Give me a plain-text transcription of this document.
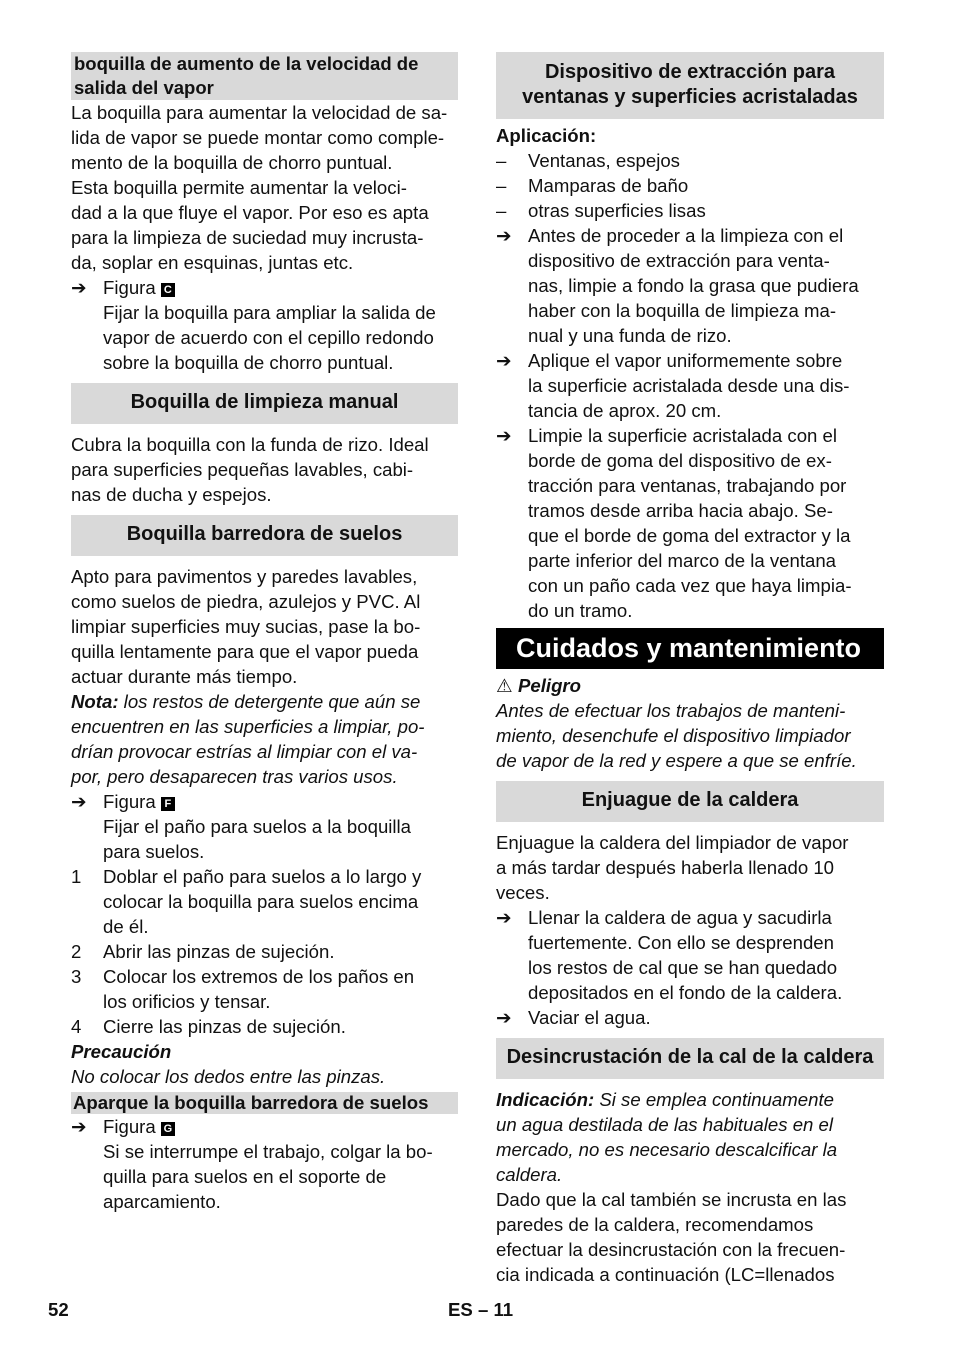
boquilla de aumento de la velocidad de salida del vapor

La boquilla para aumentar la velocidad de sa-
lida de vapor se puede montar como comple-
mento de la boquilla de chorro puntual.
Esta boquilla permite aumentar la veloci-
dad a la que fluye el vapor. Por eso es apta
para la limpieza de suciedad muy incrusta-
da, soplar en esquinas, juntas etc.

➔ Figura C

Fijar la boquilla para ampliar la salida de
vapor de acuerdo con el cepillo redondo
sobre la boquilla de chorro puntual.

Boquilla de limpieza manual

Cubra la boquilla con la funda de rizo. Ideal
para superficies pequeñas lavables, cabi-
nas de ducha y espejos.

Boquilla barredora de suelos

Apto para pavimentos y paredes lavables,
como suelos de piedra, azulejos y PVC. Al
limpiar superficies muy sucias, pase la bo-
quilla lentamente para que el vapor pueda
actuar durante más tiempo.

Nota: los restos de detergente que aún se
encuentren en las superficies a limpiar, po-
drían provocar estrías al limpiar con el va-
por, pero desaparecen tras varios usos.

➔ Figura F

Fijar el paño para suelos a la boquilla
para suelos.

1	Doblar el paño para suelos a lo largo y
colocar la boquilla para suelos encima
de él.
2	Abrir las pinzas de sujeción.
3	Colocar los extremos de los paños en
los orificios y tensar.
4	Cierre las pinzas de sujeción.

Precaución

No colocar los dedos entre las pinzas.

Aparque la boquilla barredora de suelos
➔ Figura G

Si se interrumpe el trabajo, colgar la bo-
quilla para suelos en el soporte de
aparcamiento.

Dispositivo de extracción para ventanas y superficies acristaladas

Aplicación:

–	Ventanas, espejos
–	Mamparas de baño
–	otras superficies lisas
➔ Antes de proceder a la limpieza con el
dispositivo de extracción para venta-
nas, limpie a fondo la grasa que pudiera
haber con la boquilla de limpieza ma-
nual y una funda de rizo.
➔ Aplique el vapor uniformemente sobre
la superficie acristalada desde una dis-
tancia de aprox. 20 cm.
➔ Limpie la superficie acristalada con el
borde de goma del dispositivo de ex-
tracción para ventanas, trabajando por
tramos desde arriba hacia abajo. Se-
que el borde de goma del extractor y la
parte inferior del marco de la ventana
con un paño cada vez que haya limpia-
do un tramo.
Cuidados y mantenimiento

⚠ Peligro

Antes de efectuar los trabajos de manteni-
miento, desenchufe el dispositivo limpiador
de vapor de la red y espere a que se enfríe.

Enjuague de la caldera

Enjuague la caldera del limpiador de vapor
a más tardar después haberla llenado 10
veces.

➔ Llenar la caldera de agua y sacudirla
fuertemente. Con ello se desprenden
los restos de cal que se han quedado
depositados en el fondo de la caldera.
➔ Vaciar el agua.
Desincrustación de la cal de la caldera

Indicación: Si se emplea continuamente
un agua destilada de las habituales en el
mercado, no es necesario descalcificar la
caldera.

Dado que la cal también se incrusta en las
paredes de la caldera, recomendamos
efectuar la desincrustación con la frecuen-
cia indicada a continuación (LC=llenados

52	ES – 11
